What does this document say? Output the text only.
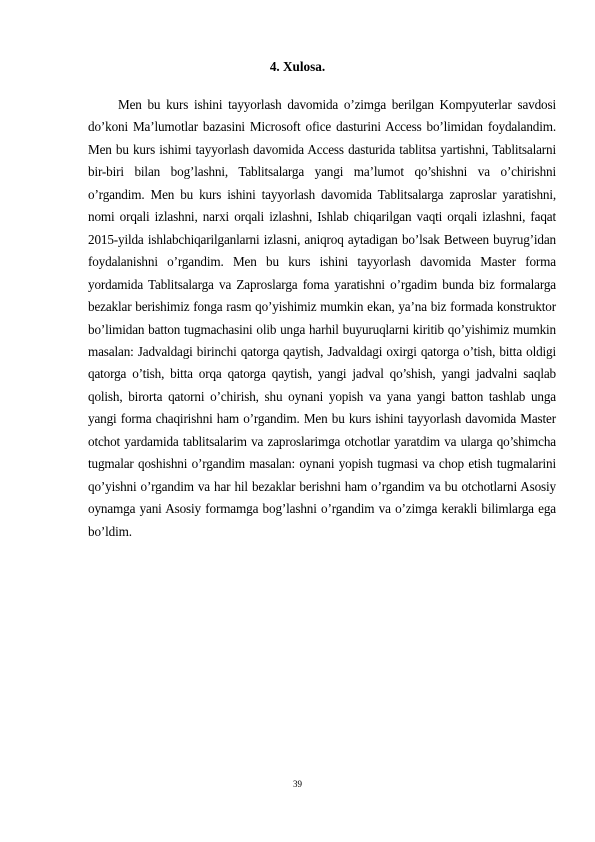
4. Xulosa.

Men bu kurs ishini tayyorlash davomida o’zimga berilgan Kompyuterlar savdosi do’koni Ma’lumotlar bazasini Microsoft ofice dasturini Access bo’limidan foydalandim. Men bu kurs ishimi tayyorlash davomida Access dasturida tablitsa yartishni, Tablitsalarni bir-biri bilan bog’lashni, Tablitsalarga yangi ma’lumot qo’shishni va o’chirishni o’rgandim. Men bu kurs ishini tayyorlash davomida Tablitsalarga zaproslar yaratishni, nomi orqali izlashni, narxi orqali izlashni, Ishlab chiqarilgan vaqti orqali izlashni, faqat 2015-yilda ishlabchiqarilganlarni izlasni, aniqroq aytadigan bo’lsak Between buyrug’idan foydalanishni o’rgandim. Men bu kurs ishini tayyorlash davomida Master forma yordamida Tablitsalarga va Zaproslarga foma yaratishni o’rgadim bunda biz formalarga bezaklar berishimiz fonga rasm qo’yishimiz mumkin ekan, ya’na biz formada konstruktor bo’limidan batton tugmachasini olib unga harhil buyuruqlarni kiritib qo’yishimiz mumkin masalan: Jadvaldagi birinchi qatorga qaytish, Jadvaldagi oxirgi qatorga o’tish, bitta oldigi qatorga o’tish, bitta orqa qatorga qaytish, yangi jadval qo’shish, yangi jadvalni saqlab qolish, birorta qatorni o’chirish, shu oynani yopish va yana yangi batton tashlab unga yangi forma chaqirishni ham o’rgandim. Men bu kurs ishini tayyorlash davomida Master otchot yardamida tablitsalarim va zaproslarimga otchotlar yaratdim va ularga qo’shimcha tugmalar qoshishni o’rgandim masalan: oynani yopish tugmasi va chop etish tugmalarini qo’yishni o’rgandim va har hil bezaklar berishni ham o’rgandim va bu otchotlarni Asosiy oynamga yani Asosiy formamga bog’lashni o’rgandim va o’zimga kerakli bilimlarga ega bo’ldim.

39
